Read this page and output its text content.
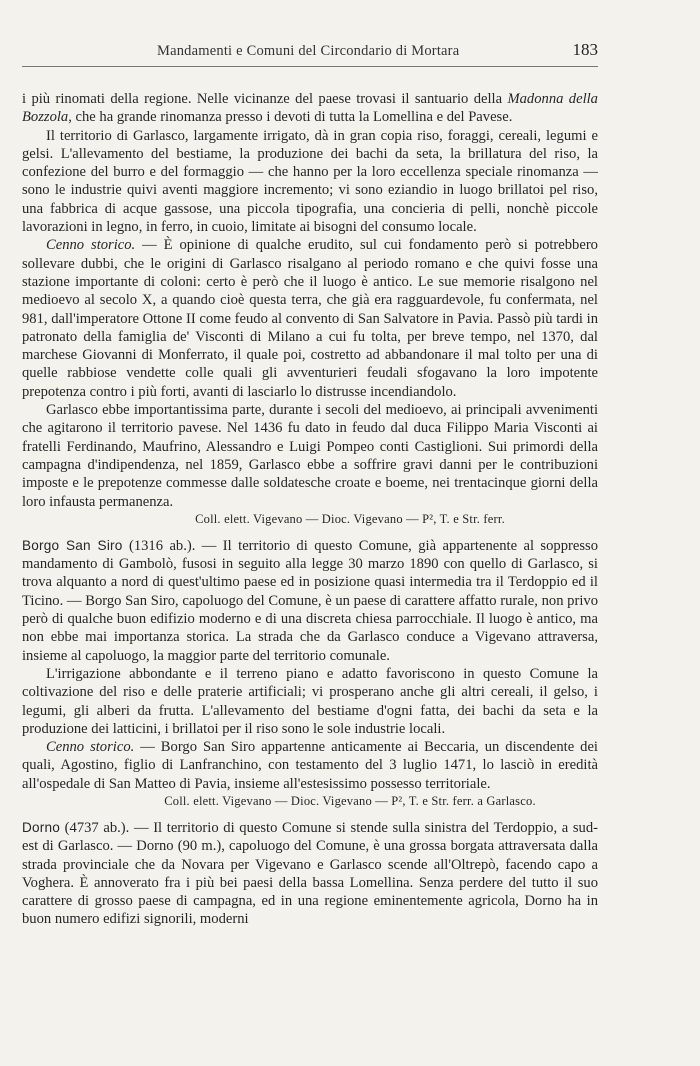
Mandamenti e Comuni del Circondario di Mortara	183

i più rinomati della regione. Nelle vicinanze del paese trovasi il santuario della Madonna della Bozzola, che ha grande rinomanza presso i devoti di tutta la Lomellina e del Pavese.

Il territorio di Garlasco, largamente irrigato, dà in gran copia riso, foraggi, cereali, legumi e gelsi. L'allevamento del bestiame, la produzione dei bachi da seta, la brillatura del riso, la confezione del burro e del formaggio — che hanno per la loro eccellenza speciale rinomanza — sono le industrie quivi aventi maggiore incremento; vi sono eziandio in luogo brillatoi pel riso, una fabbrica di acque gassose, una piccola tipografia, una concieria di pelli, nonchè piccole lavorazioni in legno, in ferro, in cuoio, limitate ai bisogni del consumo locale.

Cenno storico. — È opinione di qualche erudito, sul cui fondamento però si potrebbero sollevare dubbi, che le origini di Garlasco risalgano al periodo romano e che quivi fosse una stazione importante di coloni: certo è però che il luogo è antico. Le sue memorie risalgono nel medioevo al secolo X, a quando cioè questa terra, che già era ragguardevole, fu confermata, nel 981, dall'imperatore Ottone II come feudo al convento di San Salvatore in Pavia. Passò più tardi in patronato della famiglia de' Visconti di Milano a cui fu tolta, per breve tempo, nel 1370, dal marchese Giovanni di Monferrato, il quale poi, costretto ad abbandonare il mal tolto per una di quelle rabbiose vendette colle quali gli avventurieri feudali sfogavano la loro impotente prepotenza contro i più forti, avanti di lasciarlo lo distrusse incendiandolo.

Garlasco ebbe importantissima parte, durante i secoli del medioevo, ai principali avvenimenti che agitarono il territorio pavese. Nel 1436 fu dato in feudo dal duca Filippo Maria Visconti ai fratelli Ferdinando, Maufrino, Alessandro e Luigi Pompeo conti Castiglioni. Sui primordi della campagna d'indipendenza, nel 1859, Garlasco ebbe a soffrire gravi danni per le contribuzioni imposte e le prepotenze commesse dalle soldatesche croate e boeme, nei trentacinque giorni della loro infausta permanenza.

Coll. elett. Vigevano — Dioc. Vigevano — P², T. e Str. ferr.

Borgo San Siro (1316 ab.). — Il territorio di questo Comune, già appartenente al soppresso mandamento di Gambolò, fusosi in seguito alla legge 30 marzo 1890 con quello di Garlasco, si trova alquanto a nord di quest'ultimo paese ed in posizione quasi intermedia tra il Terdoppio ed il Ticino. — Borgo San Siro, capoluogo del Comune, è un paese di carattere affatto rurale, non privo però di qualche buon edifizio moderno e di una discreta chiesa parrocchiale. Il luogo è antico, ma non ebbe mai importanza storica. La strada che da Garlasco conduce a Vigevano attraversa, insieme al capoluogo, la maggior parte del territorio comunale.

L'irrigazione abbondante e il terreno piano e adatto favoriscono in questo Comune la coltivazione del riso e delle praterie artificiali; vi prosperano anche gli altri cereali, il gelso, i legumi, gli alberi da frutta. L'allevamento del bestiame d'ogni fatta, dei bachi da seta e la produzione dei latticini, i brillatoi per il riso sono le sole industrie locali.

Cenno storico. — Borgo San Siro appartenne anticamente ai Beccaria, un discendente dei quali, Agostino, figlio di Lanfranchino, con testamento del 3 luglio 1471, lo lasciò in eredità all'ospedale di San Matteo di Pavia, insieme all'estesissimo possesso territoriale.

Coll. elett. Vigevano — Dioc. Vigevano — P², T. e Str. ferr. a Garlasco.

Dorno (4737 ab.). — Il territorio di questo Comune si stende sulla sinistra del Terdoppio, a sud-est di Garlasco. — Dorno (90 m.), capoluogo del Comune, è una grossa borgata attraversata dalla strada provinciale che da Novara per Vigevano e Garlasco scende all'Oltrepò, facendo capo a Voghera. È annoverato fra i più bei paesi della bassa Lomellina. Senza perdere del tutto il suo carattere di grosso paese di campagna, ed in una regione eminentemente agricola, Dorno ha in buon numero edifizi signorili, moderni
